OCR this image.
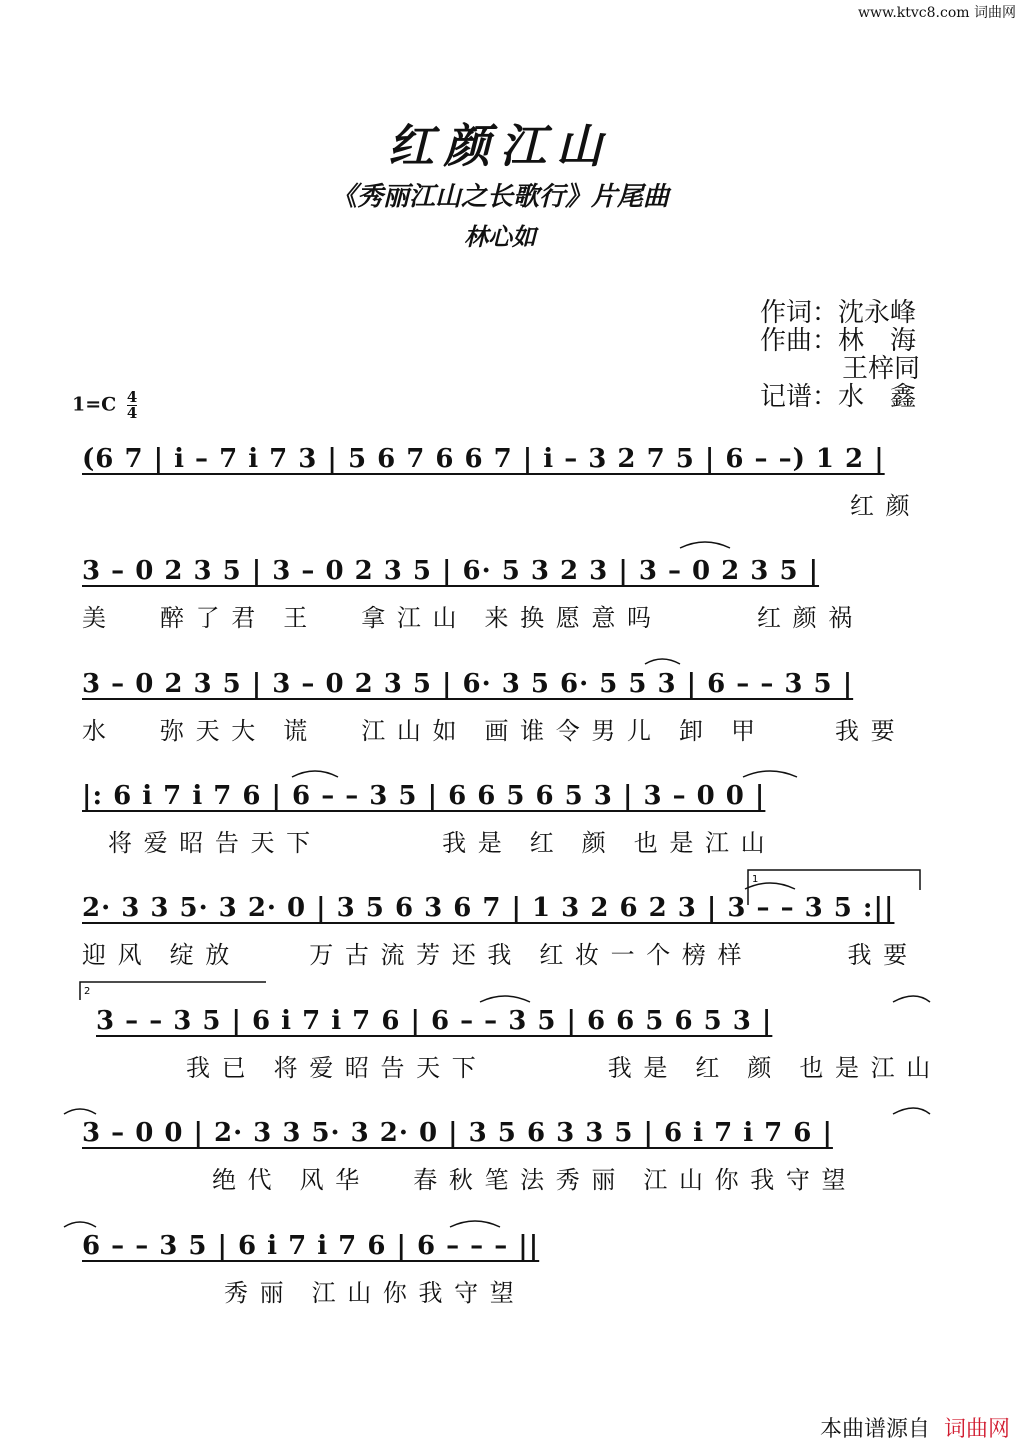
www.ktvc8.com 词曲网
红颜江山
《秀丽江山之长歌行》片尾曲
林心如
作词：沈永峰
作曲：林　海
王梓同
记谱：水　鑫
$1=C \frac{4}{4}$
(6 7 | i – 7 i 7 3 | 5 6 7 6 6 7 | i – 3 2 7 5 | 6 – –) 1 2 |
红 颜
3 – 0 2 3 5 | 3 – 0 2 3 5 | 6· 5 3 2 3 | 3 – 0 2 3 5 |
美　　醉 了 君　王　　拿 江 山　来 换 愿 意 吗　　　　红 颜 祸
3 – 0 2 3 5 | 3 – 0 2 3 5 | 6· 3 5 6· 5 5 3 | 6 – – 3 5 |
水　　弥 天 大　谎　　江 山 如　画 谁 令 男 儿　卸　甲　　　我 要
|: 6 i 7 i 7 6 | 6 – – 3 5 | 6 6 5 6 5 3 | 3 – 0 0 |
　将 爱 昭 告 天 下　　　　　我 是　红　颜　也 是 江 山
2· 3 3 5· 3 2· 0 | 3 5 6 3 6 7 | 1 3 2 6 2 3 | 3 – – 3 5 :||
迎 风　绽 放　　　万 古 流 芳 还 我　红 妆 一 个 榜 样　　　　我 要
3 – – 3 5 | 6 i 7 i 7 6 | 6 – – 3 5 | 6 6 5 6 5 3 |
　　　　我 已　将 爱 昭 告 天 下　　　　　我 是　红　颜　也 是 江 山
3 – 0 0 | 2· 3 3 5· 3 2· 0 | 3 5 6 3 3 5 | 6 i 7 i 7 6 |
　　　　　绝 代　风 华　　春 秋 笔 法 秀 丽　江 山 你 我 守 望
6 – – 3 5 | 6 i 7 i 7 6 | 6 – – – ||
　　秀 丽　江 山 你 我 守 望
1
2
本曲谱源自 词曲网
